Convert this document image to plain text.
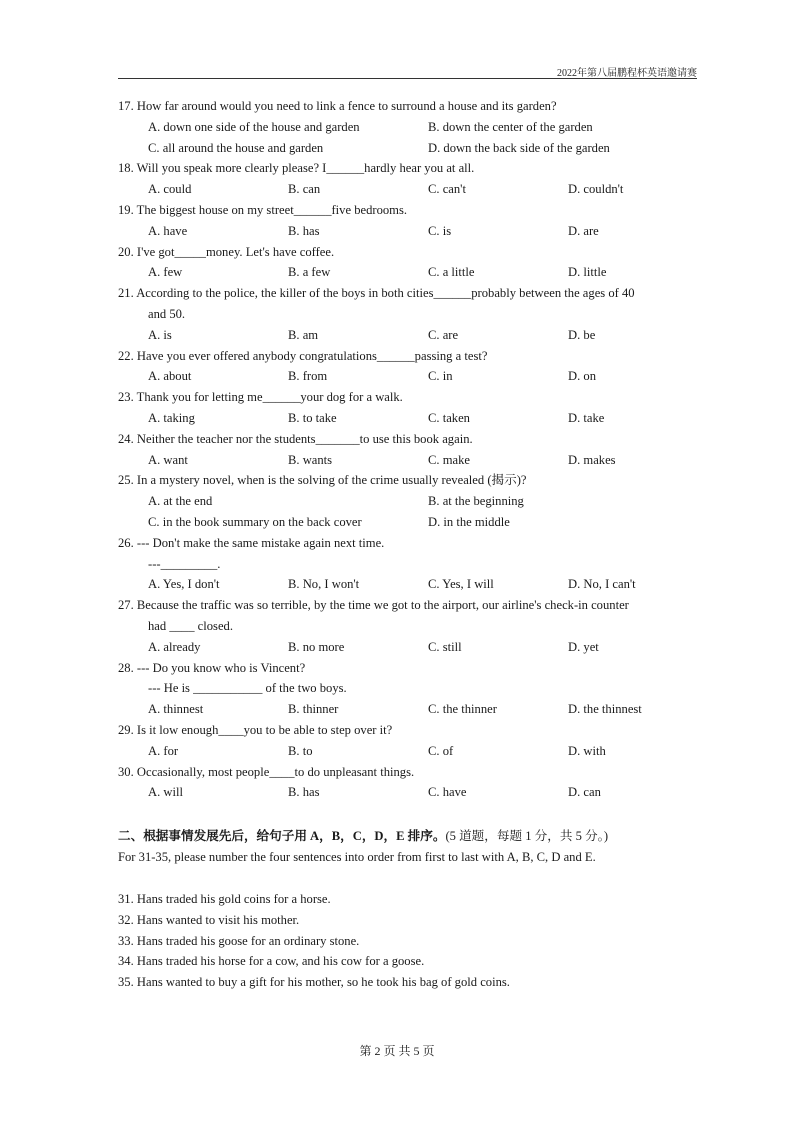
2022年第八届鹏程杯英语邀请赛
17. How far around would you need to link a fence to surround a house and its garden?
A. down one side of the house and garden	B. down the center of the garden
C. all around the house and garden	D. down the back side of the garden
18. Will you speak more clearly please? I______hardly hear you at all.
A. could	B. can	C. can't	D. couldn't
19. The biggest house on my street______five bedrooms.
A. have	B. has	C. is	D. are
20. I've got_____money. Let's have coffee.
A. few	B. a few	C. a little	D. little
21. According to the police, the killer of the boys in both cities______probably between the ages of 40
and 50.
A. is	B. am	C. are	D. be
22. Have you ever offered anybody congratulations______passing a test?
A. about	B. from	C. in	D. on
23. Thank you for letting me______your dog for a walk.
A. taking	B. to take	C. taken	D. take
24. Neither the teacher nor the students_______to use this book again.
A. want	B. wants	C. make	D. makes
25. In a mystery novel, when is the solving of the crime usually revealed (揭示)?
A. at the end	B. at the beginning
C. in the book summary on the back cover	D. in the middle
26. --- Don't make the same mistake again next time.
---_________.
A. Yes, I don't	B. No, I won't	C. Yes, I will	D. No, I can't
27. Because the traffic was so terrible, by the time we got to the airport, our airline's check-in counter
had ____ closed.
A. already	B. no more	C. still	D. yet
28. --- Do you know who is Vincent?
--- He is ___________ of the two boys.
A. thinnest	B. thinner	C. the thinner	D. the thinnest
29. Is it low enough____you to be able to step over it?
A. for	B. to	C. of	D. with
30. Occasionally, most people____to do unpleasant things.
A. will	B. has	C. have	D. can
二、根据事情发展先后，给句子用 A，B，C，D，E 排序。(5 道题，每题 1 分，共 5 分。)
For 31-35, please number the four sentences into order from first to last with A, B, C, D and E.
31. Hans traded his gold coins for a horse.
32. Hans wanted to visit his mother.
33. Hans traded his goose for an ordinary stone.
34. Hans traded his horse for a cow, and his cow for a goose.
35. Hans wanted to buy a gift for his mother, so he took his bag of gold coins.
第 2 页 共 5 页
